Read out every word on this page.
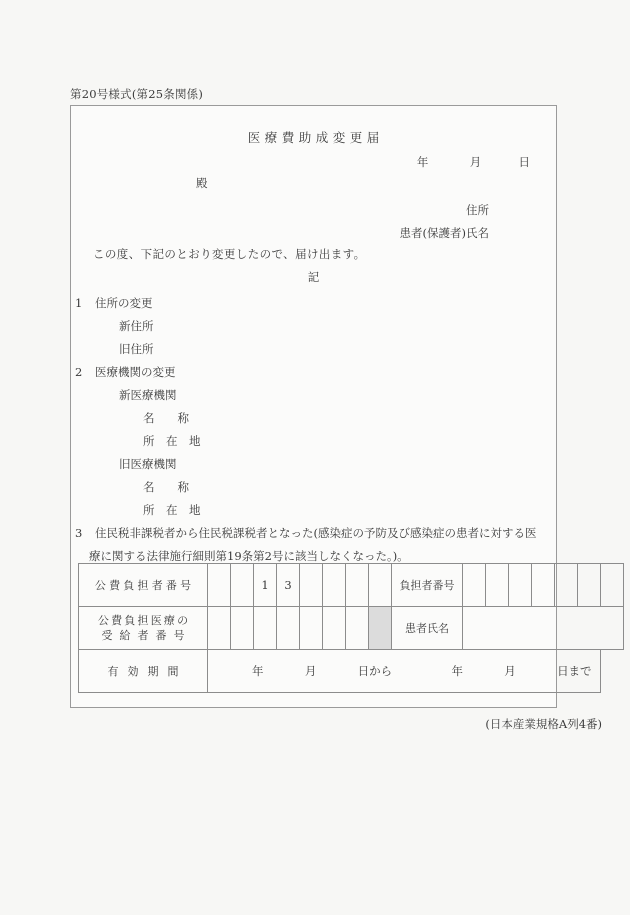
第20号様式(第25条関係)
医療費助成変更届
年	月	日
殿
住所
患者(保護者)氏名
この度、下記のとおり変更したので、届け出ます。
記
1 住所の変更
新住所
旧住所
2 医療機関の変更
新医療機関
名　　称
所　在　地
旧医療機関
名　　称
所　在　地
3 住民税非課税者から住民税課税者となった(感染症の予防及び感染症の患者に対する医
療に関する法律施行細則第19条第2号に該当しなくなった。)。
公費負担者番号			1	3					負担者番号							

公費負担医療の
受給者番号									患者氏名							
有効期間	年 月 日から 年 月 日まで															
(日本産業規格A列4番)
